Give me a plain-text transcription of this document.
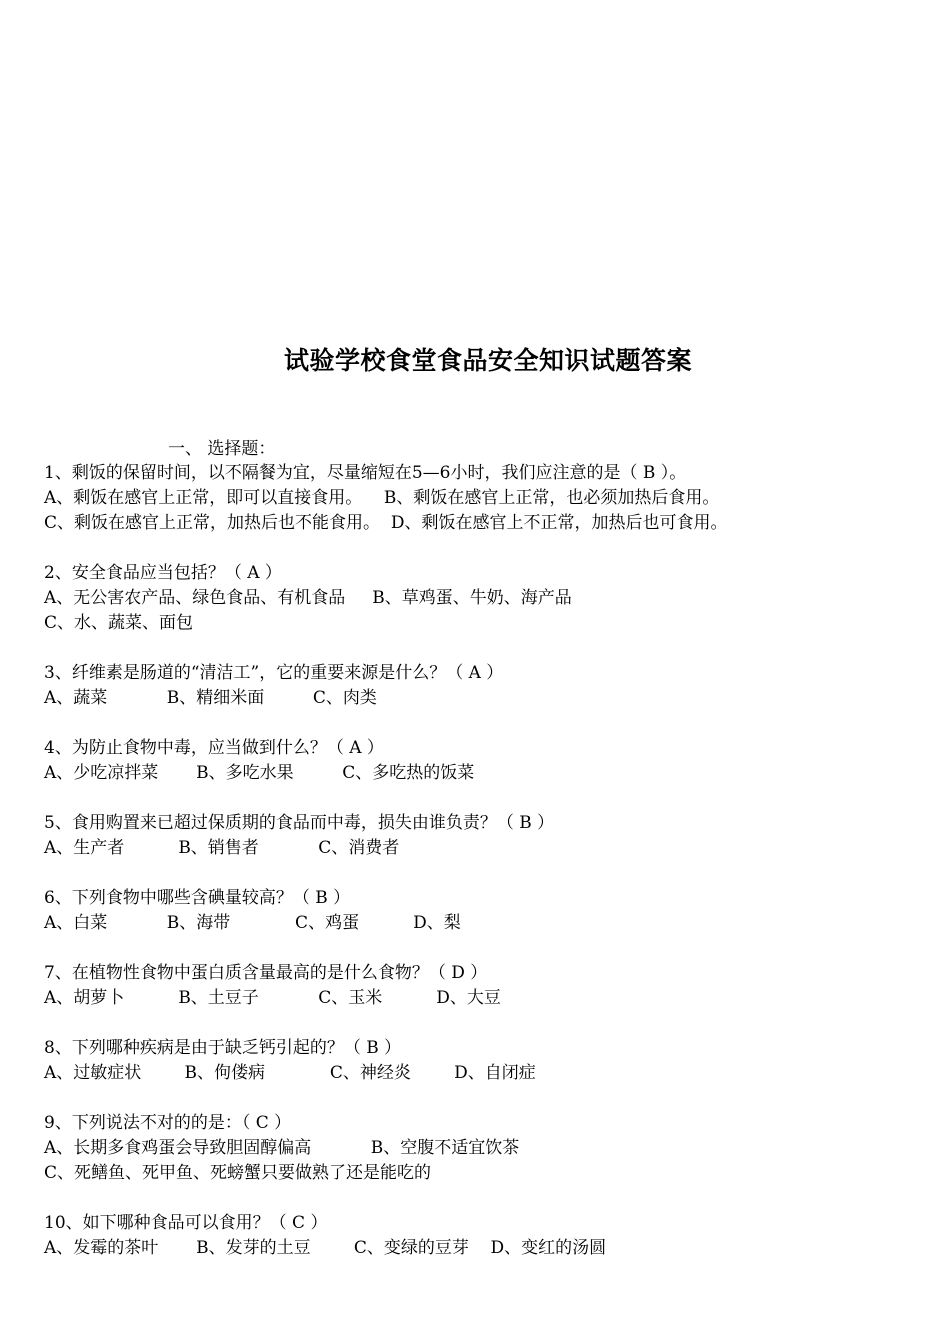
试验学校食堂食品安全知识试题答案
一、 选择题：
1、剩饭的保留时间，以不隔餐为宜，尽量缩短在5—6小时，我们应注意的是（ B ）。
A、剩饭在感官上正常，即可以直接食用。    B、剩饭在感官上正常，也必须加热后食用。
C、剩饭在感官上正常，加热后也不能食用。  D、剩饭在感官上不正常，加热后也可食用。
2、安全食品应当包括？（ A ）
A、无公害农产品、绿色食品、有机食品     B、草鸡蛋、牛奶、海产品
C、水、蔬菜、面包
3、纤维素是肠道的“清洁工”，它的重要来源是什么？（ A ）
A、蔬菜           B、精细米面         C、肉类
4、为防止食物中毒，应当做到什么？（ A ）
A、少吃凉拌菜       B、多吃水果         C、多吃热的饭菜
5、食用购置来已超过保质期的食品而中毒，损失由谁负责？（ B ）
A、生产者          B、销售者           C、消费者
6、下列食物中哪些含碘量较高？（ B ）
A、白菜           B、海带            C、鸡蛋          D、梨
7、在植物性食物中蛋白质含量最高的是什么食物？（ D ）
A、胡萝卜          B、土豆子           C、玉米          D、大豆
8、下列哪种疾病是由于缺乏钙引起的？（ B ）
A、过敏症状        B、佝偻病            C、神经炎        D、自闭症
9、下列说法不对的的是：（ C ）
A、长期多食鸡蛋会导致胆固醇偏高           B、空腹不适宜饮茶
C、死鳝鱼、死甲鱼、死螃蟹只要做熟了还是能吃的
10、如下哪种食品可以食用？（ C ）
A、发霉的茶叶       B、发芽的土豆        C、变绿的豆芽    D、变红的汤圆
